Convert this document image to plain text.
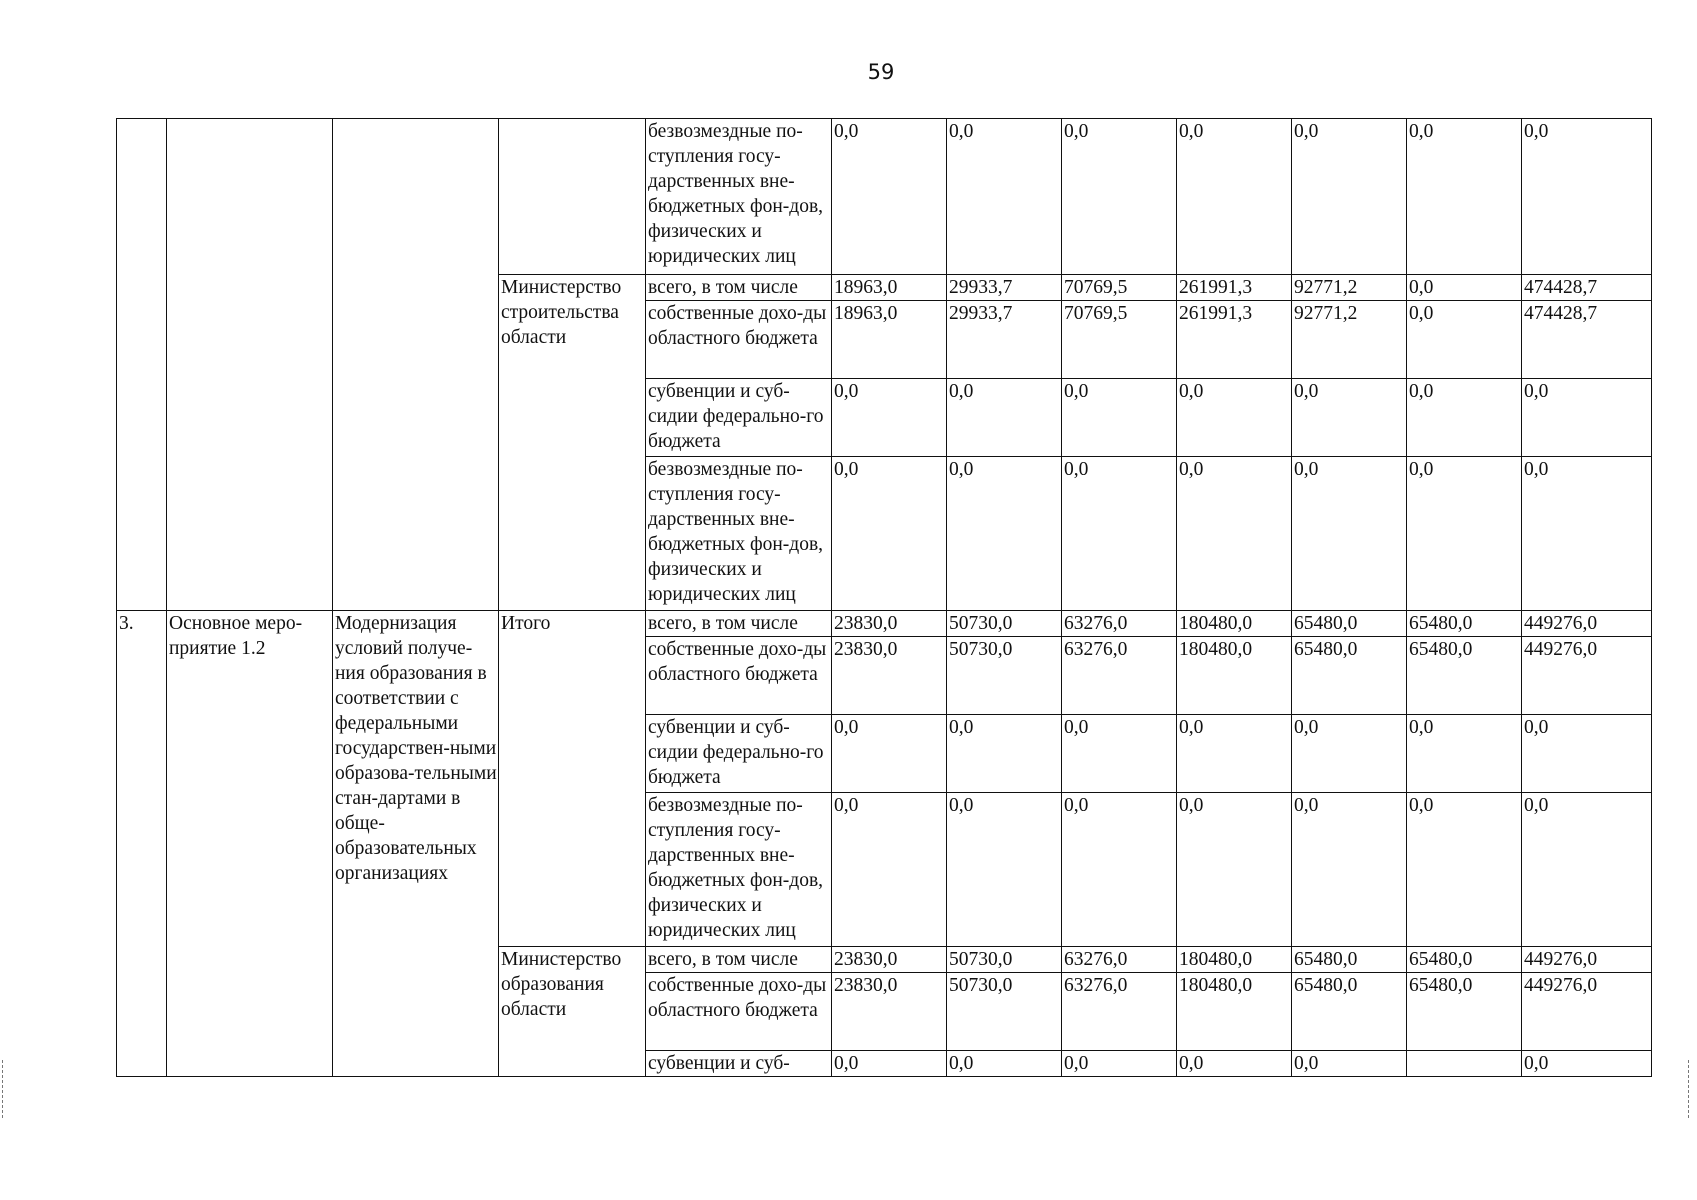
59
				безвозмездные по-ступления госу-дарственных вне-бюджетных фон-дов, физических и юридических лиц	0,0	0,0	0,0	0,0	0,0	0,0	0,0
			Министерство строительства области	всего, в том числе	18963,0	29933,7	70769,5	261991,3	92771,2	0,0	474428,7
				собственные дохо-ды областного бюджета	18963,0	29933,7	70769,5	261991,3	92771,2	0,0	474428,7
				субвенции и суб-сидии федерально-го бюджета	0,0	0,0	0,0	0,0	0,0	0,0	0,0
				безвозмездные по-ступления госу-дарственных вне-бюджетных фон-дов, физических и юридических лиц	0,0	0,0	0,0	0,0	0,0	0,0	0,0
3.	Основное меро-приятие 1.2	Модернизация условий получе-ния образования в соответствии с федеральными государствен-ными образова-тельными стан-дартами в обще-образовательных организациях	Итого	всего, в том числе	23830,0	50730,0	63276,0	180480,0	65480,0	65480,0	449276,0
				собственные дохо-ды областного бюджета	23830,0	50730,0	63276,0	180480,0	65480,0	65480,0	449276,0
				субвенции и суб-сидии федерально-го бюджета	0,0	0,0	0,0	0,0	0,0	0,0	0,0
				безвозмездные по-ступления госу-дарственных вне-бюджетных фон-дов, физических и юридических лиц	0,0	0,0	0,0	0,0	0,0	0,0	0,0
			Министерство образования области	всего, в том числе	23830,0	50730,0	63276,0	180480,0	65480,0	65480,0	449276,0
				собственные дохо-ды областного бюджета	23830,0	50730,0	63276,0	180480,0	65480,0	65480,0	449276,0
				субвенции и суб-	0,0	0,0	0,0	0,0	0,0		0,0
